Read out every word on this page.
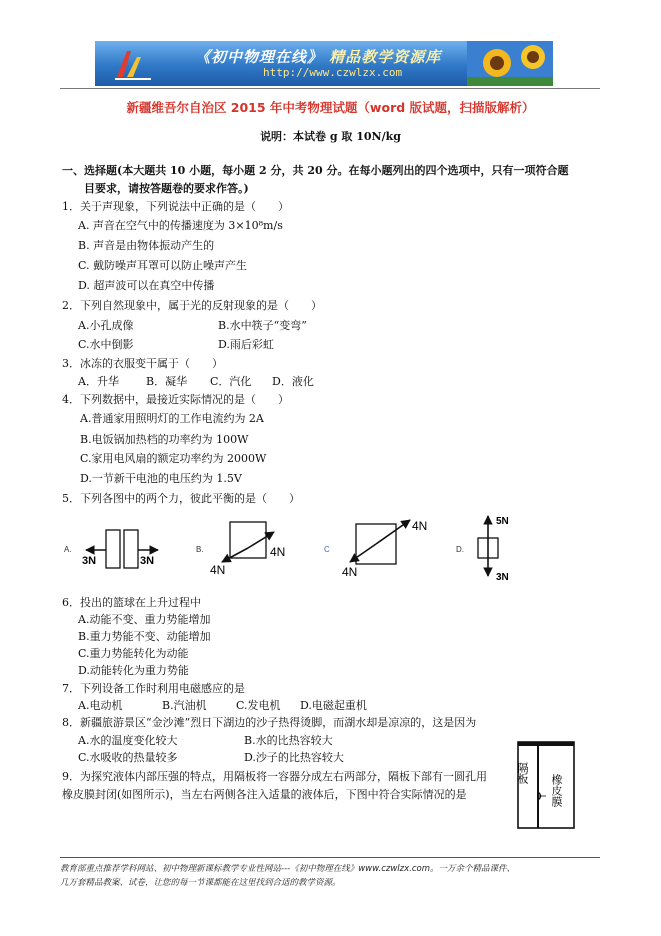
《初中物理在线》 精品教学资源库
http://www.czwlzx.com
新疆维吾尔自治区 2015 年中考物理试题（word 版试题，扫描版解析）
说明：本试卷 g 取 10N/kg
一、选择题(本大题共 10 小题，每小题 2 分，共 20 分。在每小题列出的四个选项中，只有一项符合题
目要求，请按答题卷的要求作答。)
1．关于声现象，下列说法中正确的是（　　）
A. 声音在空气中的传播速度为 3×10⁸m/s
B. 声音是由物体振动产生的
C. 戴防噪声耳罩可以防止噪声产生
D. 超声波可以在真空中传播
2．下列自然现象中，属于光的反射现象的是（　　）
A.小孔成像	B.水中筷子“变弯”
C.水中倒影	D.雨后彩虹
3．冰冻的衣服变干属于（　　）
A．升华 B．凝华 C．汽化 D．液化
4．下列数据中，最接近实际情况的是（　　）
A.普通家用照明灯的工作电流约为 2A
B.电饭锅加热档的功率约为 100W
C.家用电风扇的额定功率约为 2000W
D.一节新干电池的电压约为 1.5V
5．下列各图中的两个力，彼此平衡的是（　　）
A.
3N	3N
B.
4N
4N	C
4N
4N
D.
5N
3N
6．投出的篮球在上升过程中
A.动能不变、重力势能增加
B.重力势能不变、动能增加
C.重力势能转化为动能
D.动能转化为重力势能
7．下列设备工作时利用电磁感应的是
A.电动机	B.汽油机	C.发电机 D.电磁起重机
8．新疆旅游景区“金沙滩”烈日下湖边的沙子热得烫脚，而湖水却是凉凉的，这是因为
A.水的温度变化较大	B.水的比热容较大
C.水吸收的热量较多	D.沙子的比热容较大
9．为探究液体内部压强的特点，用隔板将一容器分成左右两部分，隔板下部有一圆孔用
橡皮膜封闭(如图所示)，当左右两侧各注入适量的液体后，下图中符合实际情况的是
隔板
橡皮膜
教育部重点推荐学科网站、初中物理新课标教学专业性网站---《初中物理在线》www.czwlzx.com。一万余个精品课件、
几万套精品教案、试卷，让您的每一节课都能在这里找到合适的教学资源。
